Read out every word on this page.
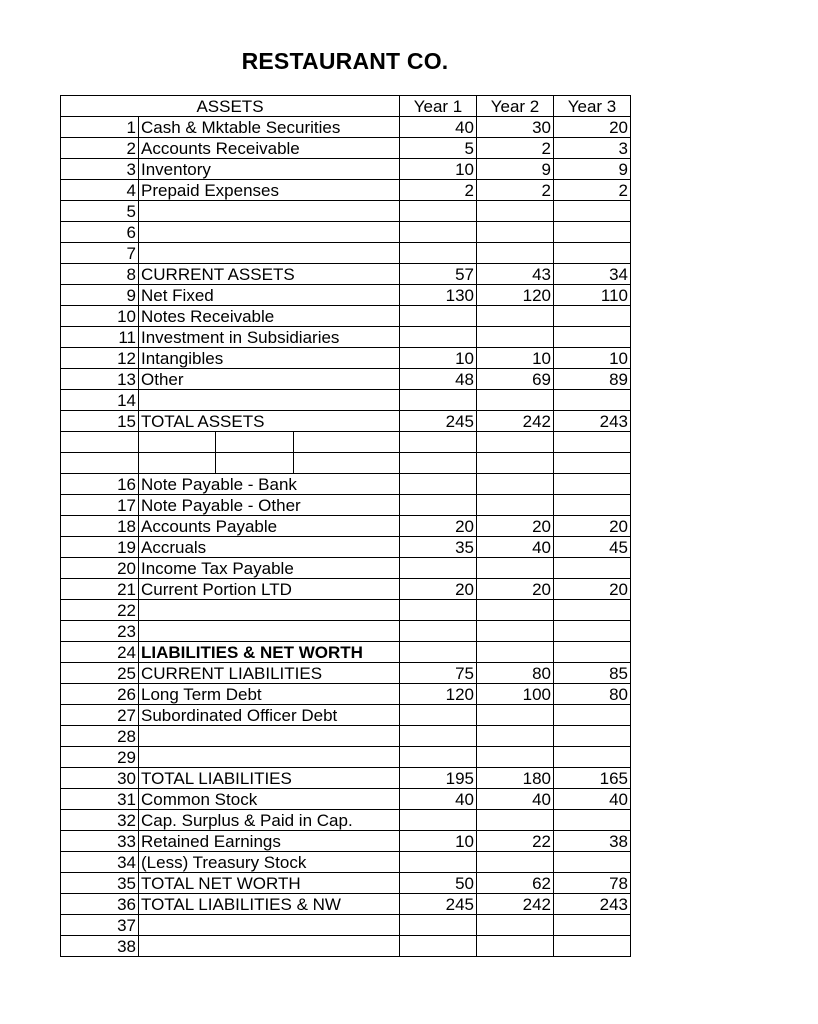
RESTAURANT CO.
ASSETS				Year 1	Year 2	Year 3
1	Cash & Mktable Securities			40	30	20
2	Accounts Receivable			5	2	3
3	Inventory			10	9	9
4	Prepaid Expenses			2	2	2
5						
6						
7						
8	CURRENT ASSETS			57	43	34
9	Net Fixed			130	120	110
10	Notes Receivable					
11	Investment in Subsidiaries					
12	Intangibles			10	10	10
13	Other			48	69	89
14						
15	TOTAL ASSETS			245	242	243

16	Note Payable - Bank					
17	Note Payable - Other					
18	Accounts Payable			20	20	20
19	Accruals			35	40	45
20	Income Tax Payable					
21	Current Portion LTD			20	20	20
22						
23						
24	LIABILITIES & NET WORTH					
25	CURRENT LIABILITIES			75	80	85
26	Long Term Debt			120	100	80
27	Subordinated Officer Debt					
28						
29						
30	TOTAL LIABILITIES			195	180	165
31	Common Stock			40	40	40
32	Cap. Surplus & Paid in Cap.					
33	Retained Earnings			10	22	38
34	(Less) Treasury Stock					
35	TOTAL NET WORTH			50	62	78
36	TOTAL LIABILITIES & NW			245	242	243
37						
38						
